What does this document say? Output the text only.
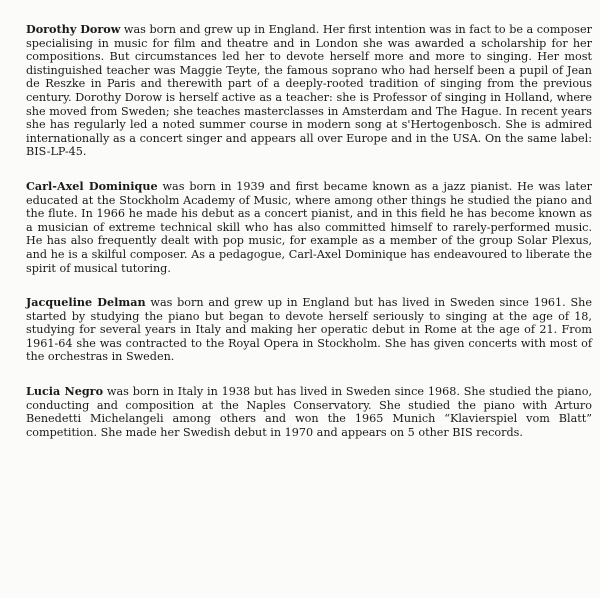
Dorothy Dorow was born and grew up in England. Her first intention was in fact to be a composer specialising in music for film and theatre and in London she was awarded a scholarship for her compositions. But circumstances led her to devote herself more and more to singing. Her most distinguished teacher was Maggie Teyte, the famous soprano who had herself been a pupil of Jean de Reszke in Paris and therewith part of a deeply-rooted tradition of singing from the previous century. Dorothy Dorow is herself active as a teacher: she is Professor of singing in Holland, where she moved from Sweden; she teaches masterclasses in Amsterdam and The Hague. In recent years she has regularly led a noted summer course in modern song at s'Hertogenbosch. She is admired internationally as a concert singer and appears all over Europe and in the USA. On the same label: BIS-LP-45.

Carl-Axel Dominique was born in 1939 and first became known as a jazz pianist. He was later educated at the Stockholm Academy of Music, where among other things he studied the piano and the flute. In 1966 he made his debut as a concert pianist, and in this field he has become known as a musician of extreme technical skill who has also committed himself to rarely-performed music. He has also frequently dealt with pop music, for example as a member of the group Solar Plexus, and he is a skilful composer. As a pedagogue, Carl-Axel Dominique has endeavoured to liberate the spirit of musical tutoring.

Jacqueline Delman was born and grew up in England but has lived in Sweden since 1961. She started by studying the piano but began to devote herself seriously to singing at the age of 18, studying for several years in Italy and making her operatic debut in Rome at the age of 21. From 1961-64 she was contracted to the Royal Opera in Stockholm. She has given concerts with most of the orchestras in Sweden.

Lucia Negro was born in Italy in 1938 but has lived in Sweden since 1968. She studied the piano, conducting and composition at the Naples Conservatory. She studied the piano with Arturo Benedetti Michelangeli among others and won the 1965 Munich “Klavierspiel vom Blatt” competition. She made her Swedish debut in 1970 and appears on 5 other BIS records.
